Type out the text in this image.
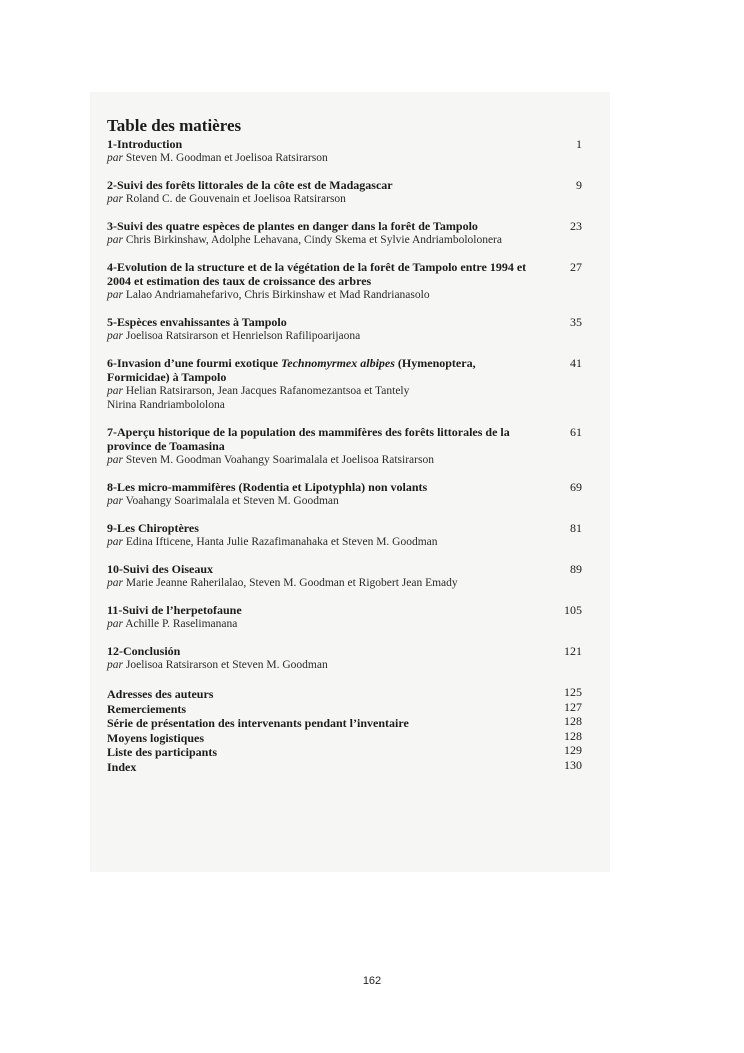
Table des matières
1-Introduction
par Steven M. Goodman et Joelisoa Ratsirarson
1
2-Suivi des forêts littorales de la côte est de Madagascar
par Roland C. de Gouvenain et Joelisoa Ratsirarson
9
3-Suivi des quatre espèces de plantes en danger dans la forêt de Tampolo
par Chris Birkinshaw, Adolphe Lehavana, Cindy Skema et Sylvie Andriambololonera
23
4-Evolution de la structure et de la végétation de la forêt de Tampolo entre 1994 et 2004 et estimation des taux de croissance des arbres
par Lalao Andriamahefarivo, Chris Birkinshaw et Mad Randrianasolo
27
5-Espèces envahissantes à Tampolo
par Joelisoa Ratsirarson et Henrielson Rafilipoarijaona
35
6-Invasion d’une fourmi exotique Technomyrmex albipes (Hymenoptera, Formicidae) à Tampolo
par Helian Ratsirarson, Jean Jacques Rafanomezantsoa et Tantely Nirina Randriambololona
41
7-Aperçu historique de la population des mammifères des forêts littorales de la province de Toamasina
par Steven M. Goodman Voahangy Soarimalala et Joelisoa Ratsirarson
61
8-Les micro-mammifères (Rodentia et Lipotyphla) non volants
par Voahangy Soarimalala et Steven M. Goodman
69
9-Les Chiroptères
par Edina Ifticene, Hanta Julie Razafimanahaka et Steven M. Goodman
81
10-Suivi des Oiseaux
par Marie Jeanne Raherilalao, Steven M. Goodman et Rigobert Jean Emady
89
11-Suivi de l’herpetofaune
par Achille P. Raselimanana
105
12-Conclusión
par Joelisoa Ratsirarson et Steven M. Goodman
121
Adresses des auteurs	125
Remerciements	127
Série de présentation des intervenants pendant l’inventaire	128
Moyens logistiques	128
Liste des participants	129
Index	130
162
